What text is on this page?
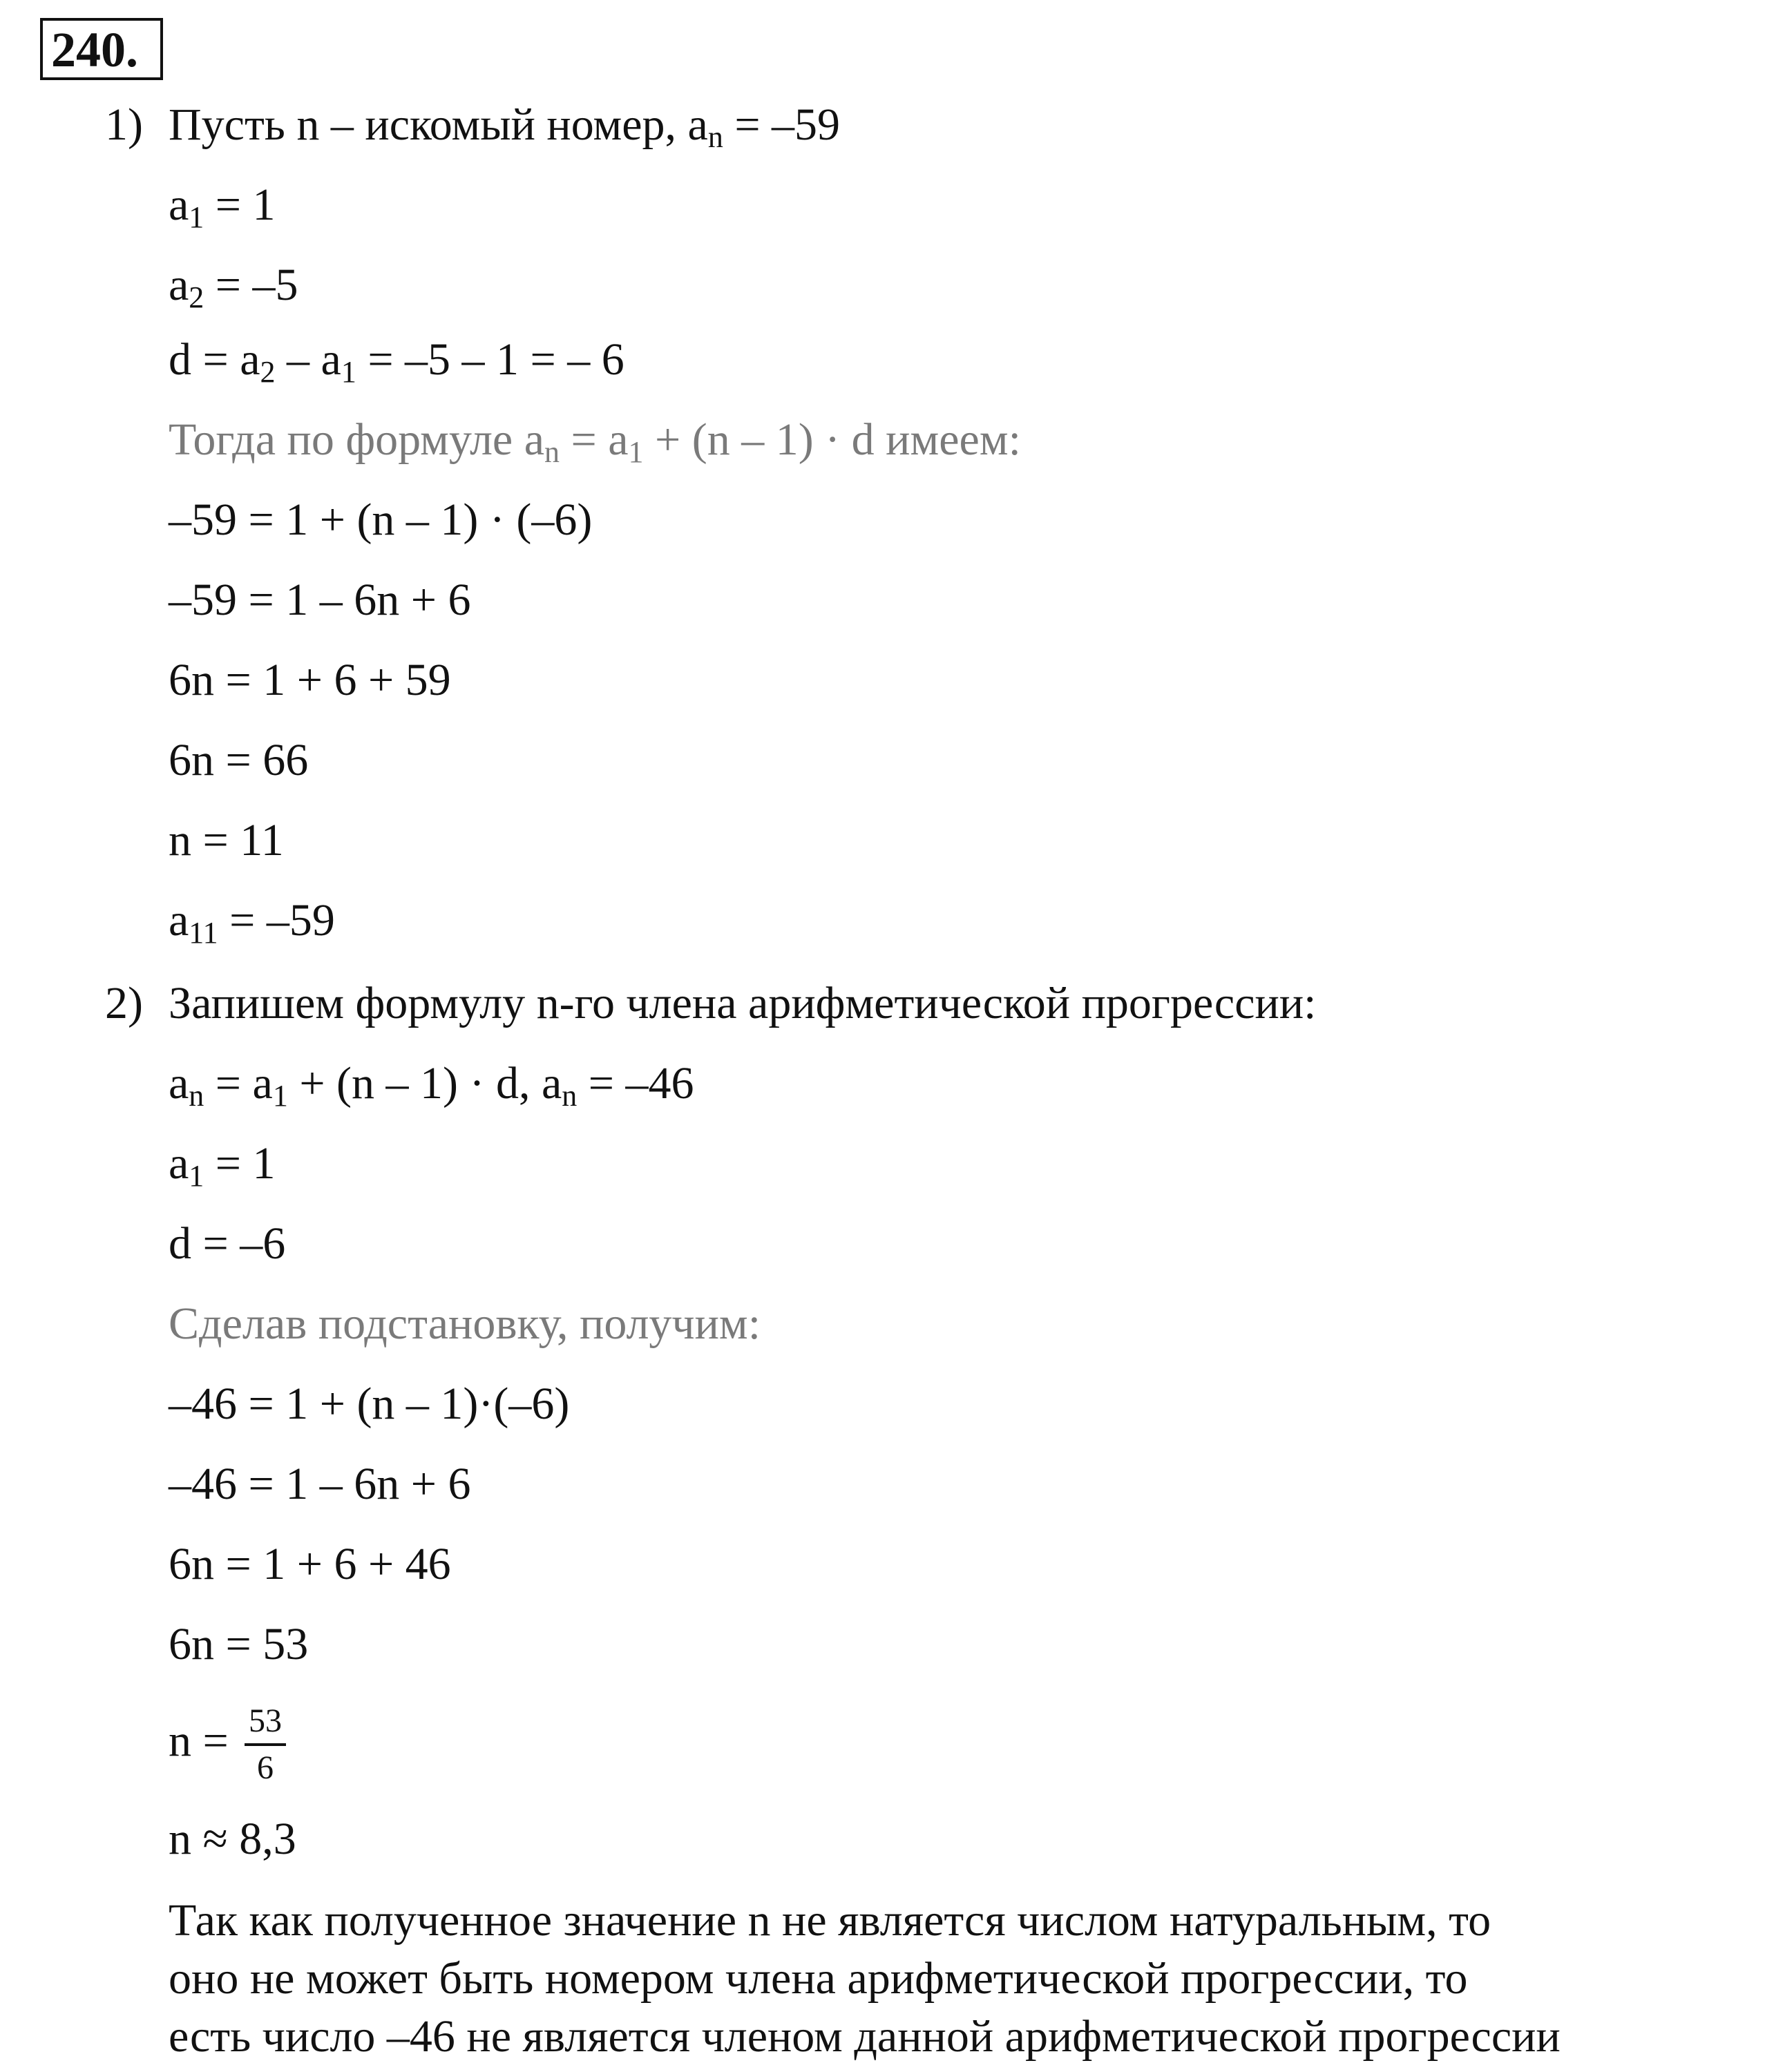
240.
1) Пусть n – искомый номер, $a_n = -59$
$a_1 = 1$
$a_2 = -5$
$d = a_2 - a_1 = -5 - 1$ = – 6
Тогда по формуле $a_n = a_1 + (n - 1) \cdot d$ имеем:
–59 = 1 + (n – 1) · (–6)
–59 = 1 – 6n + 6
6n = 1 + 6 + 59
6n = 66
n = 11
$a_{11} = -59$
2) Запишем формулу n-го члена арифметической прогрессии:
$a_n = a_1 + (n - 1) \cdot d$, $a_n = -46$
$a_1 = 1$
d = –6
Сделав подстановку, получим:
–46 = 1 + (n – 1)·(–6)
–46 = 1 – 6n + 6
6n = 1 + 6 + 46
6n = 53
$n = \frac{53}{6}$
n ≈ 8,3
Так как полученное значение n не является числом натуральным, то
оно не может быть номером члена арифметической прогрессии, то
есть число –46 не является членом данной арифметической прогрессии
